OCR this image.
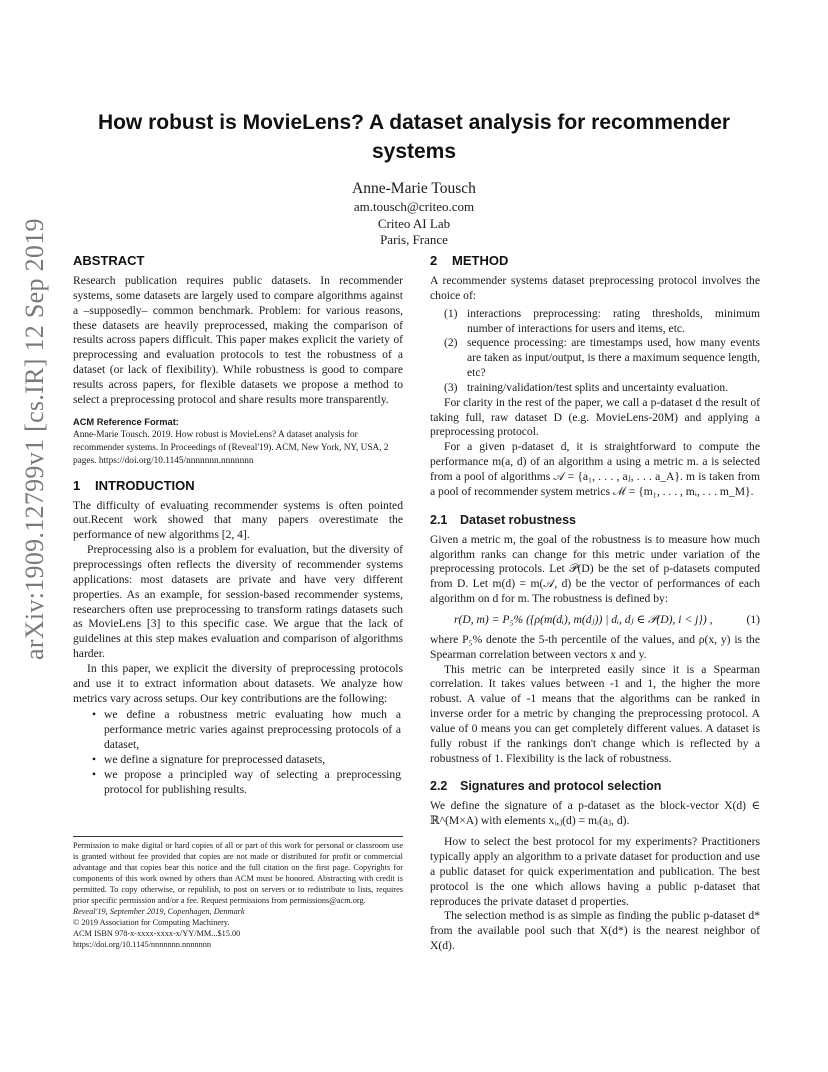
How robust is MovieLens? A dataset analysis for recommender systems
Anne-Marie Tousch
am.tousch@criteo.com
Criteo AI Lab
Paris, France
arXiv:1909.12799v1 [cs.IR] 12 Sep 2019 ABSTRACT

Research publication requires public datasets. In recommender systems, some datasets are largely used to compare algorithms against a –supposedly– common benchmark. Problem: for various reasons, these datasets are heavily preprocessed, making the comparison of results across papers difficult. This paper makes explicit the variety of preprocessing and evaluation protocols to test the robustness of a dataset (or lack of flexibility). While robustness is good to compare results across papers, for flexible datasets we propose a method to select a preprocessing protocol and share results more transparently.

ACM Reference Format:

Anne-Marie Tousch. 2019. How robust is MovieLens? A dataset analysis for recommender systems. In Proceedings of (Reveal'19). ACM, New York, NY, USA, 2 pages. https://doi.org/10.1145/nnnnnnn.nnnnnnn

1 INTRODUCTION

The difficulty of evaluating recommender systems is often pointed out.Recent work showed that many papers overestimate the performance of new algorithms [2, 4].

Preprocessing also is a problem for evaluation, but the diversity of preprocessings often reflects the diversity of recommender systems applications: most datasets are private and have very different properties. As an example, for session-based recommender systems, researchers often use preprocessing to transform ratings datasets such as MovieLens [3] to this specific case. We argue that the lack of guidelines at this step makes evaluation and comparison of algorithms harder.

In this paper, we explicit the diversity of preprocessing protocols and use it to extract information about datasets. We analyze how metrics vary across setups. Our key contributions are the following:

• we define a robustness metric evaluating how much a performance metric varies against preprocessing protocols of a dataset,
• we define a signature for preprocessed datasets,
• we propose a principled way of selecting a preprocessing protocol for publishing results.
Permission to make digital or hard copies of all or part of this work for personal or classroom use is granted without fee provided that copies are not made or distributed for profit or commercial advantage and that copies bear this notice and the full citation on the first page. Copyrights for components of this work owned by others than ACM must be honored. Abstracting with credit is permitted. To copy otherwise, or republish, to post on servers or to redistribute to lists, requires prior specific permission and/or a fee. Request permissions from permissions@acm.org.
Reveal'19, September 2019, Copenhagen, Denmark
© 2019 Association for Computing Machinery.
ACM ISBN 978-x-xxxx-xxxx-x/YY/MM...$15.00
https://doi.org/10.1145/nnnnnnn.nnnnnnn
2 METHOD

A recommender systems dataset preprocessing protocol involves the choice of:

(1) interactions preprocessing: rating thresholds, minimum number of interactions for users and items, etc.
(2) sequence processing: are timestamps used, how many events are taken as input/output, is there a maximum sequence length, etc?
(3) training/validation/test splits and uncertainty evaluation.

For clarity in the rest of the paper, we call a p-dataset d the result of taking full, raw dataset D (e.g. MovieLens-20M) and applying a preprocessing protocol.

For a given p-dataset d, it is straightforward to compute the performance m(a, d) of an algorithm a using a metric m. a is selected from a pool of algorithms 𝒜 = {a₁, . . . , aⱼ, . . . a_A}. m is taken from a pool of recommender system metrics ℳ = {m₁, . . . , mᵢ, . . . m_M}.

2.1 Dataset robustness

Given a metric m, the goal of the robustness is to measure how much algorithm ranks can change for this metric under variation of the preprocessing protocols. Let 𝒫(D) be the set of p-datasets computed from D. Let m(d) = m(𝒜, d) be the vector of performances of each algorithm on d for m. The robustness is defined by:

r(D, m) = P₅% ({ρ(m(dᵢ), m(dⱼ)) | dᵢ, dⱼ ∈ 𝒫(D), i < j}) ,	(1)

where P₅% denote the 5-th percentile of the values, and ρ(x, y) is the Spearman correlation between vectors x and y.

This metric can be interpreted easily since it is a Spearman correlation. It takes values between -1 and 1, the higher the more robust. A value of -1 means that the algorithms can be ranked in inverse order for a metric by changing the preprocessing protocol. A value of 0 means you can get completely different values. A dataset is fully robust if the rankings don't change which is reflected by a robustness of 1. Flexibility is the lack of robustness.

2.2 Signatures and protocol selection

We define the signature of a p-dataset as the block-vector X(d) ∈ ℝ^(M×A) with elements xᵢ,ⱼ(d) = mᵢ(aⱼ, d).

How to select the best protocol for my experiments? Practitioners typically apply an algorithm to a private dataset for production and use a public dataset for quick experimentation and publication. The best protocol is the one which allows having a public p-dataset that reproduces the private dataset d properties.

The selection method is as simple as finding the public p-dataset d* from the available pool such that X(d*) is the nearest neighbor of X(d).
